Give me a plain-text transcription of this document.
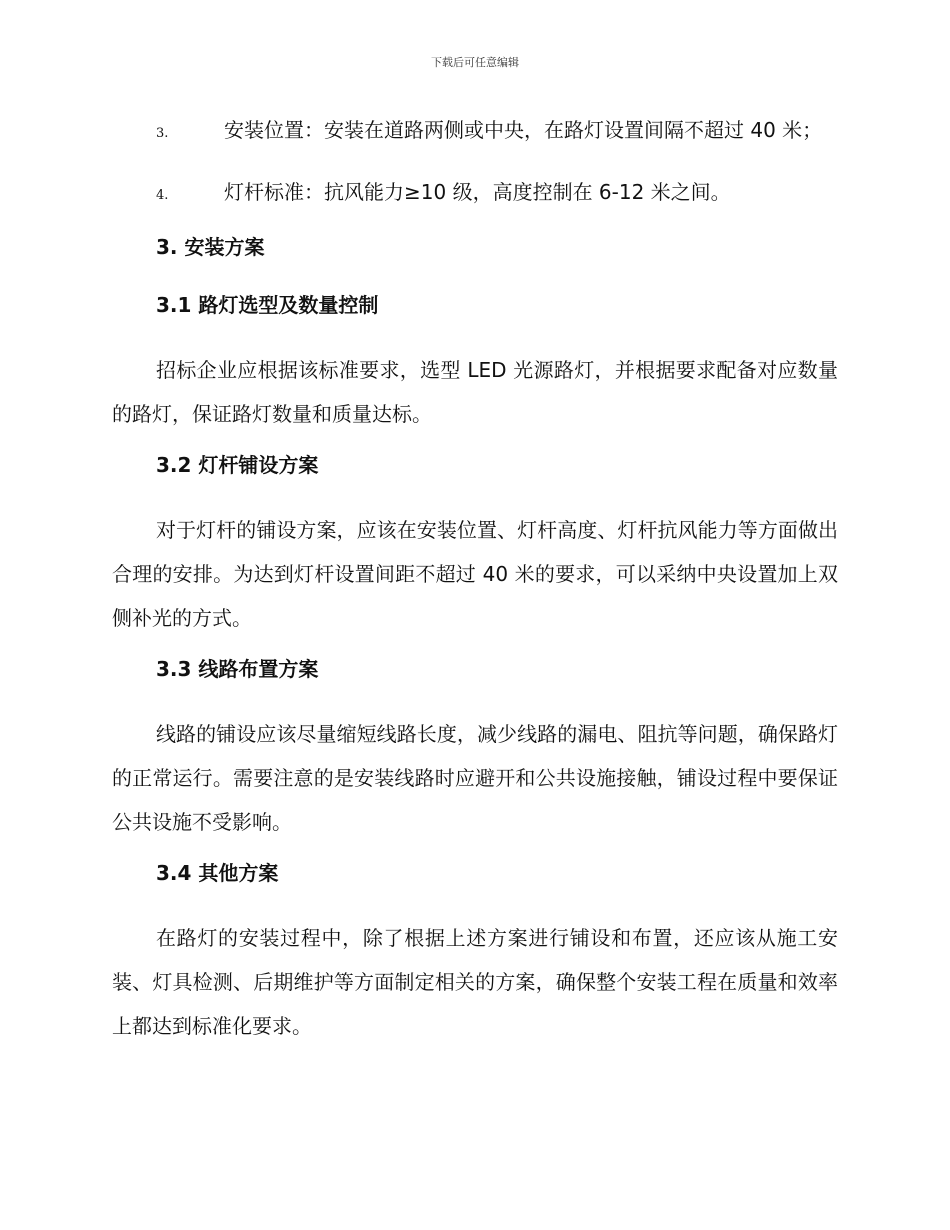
下载后可任意编辑
3.	安装位置：安装在道路两侧或中央，在路灯设置间隔不超过 40 米；
4.	灯杆标准：抗风能力≥10 级，高度控制在 6-12 米之间。
3. 安装方案
3.1 路灯选型及数量控制
招标企业应根据该标准要求，选型 LED 光源路灯，并根据要求配备对应数量的路灯，保证路灯数量和质量达标。
3.2 灯杆铺设方案
对于灯杆的铺设方案，应该在安装位置、灯杆高度、灯杆抗风能力等方面做出合理的安排。为达到灯杆设置间距不超过 40 米的要求，可以采纳中央设置加上双侧补光的方式。
3.3 线路布置方案
线路的铺设应该尽量缩短线路长度，减少线路的漏电、阻抗等问题，确保路灯的正常运行。需要注意的是安装线路时应避开和公共设施接触，铺设过程中要保证公共设施不受影响。
3.4 其他方案
在路灯的安装过程中，除了根据上述方案进行铺设和布置，还应该从施工安装、灯具检测、后期维护等方面制定相关的方案，确保整个安装工程在质量和效率上都达到标准化要求。
